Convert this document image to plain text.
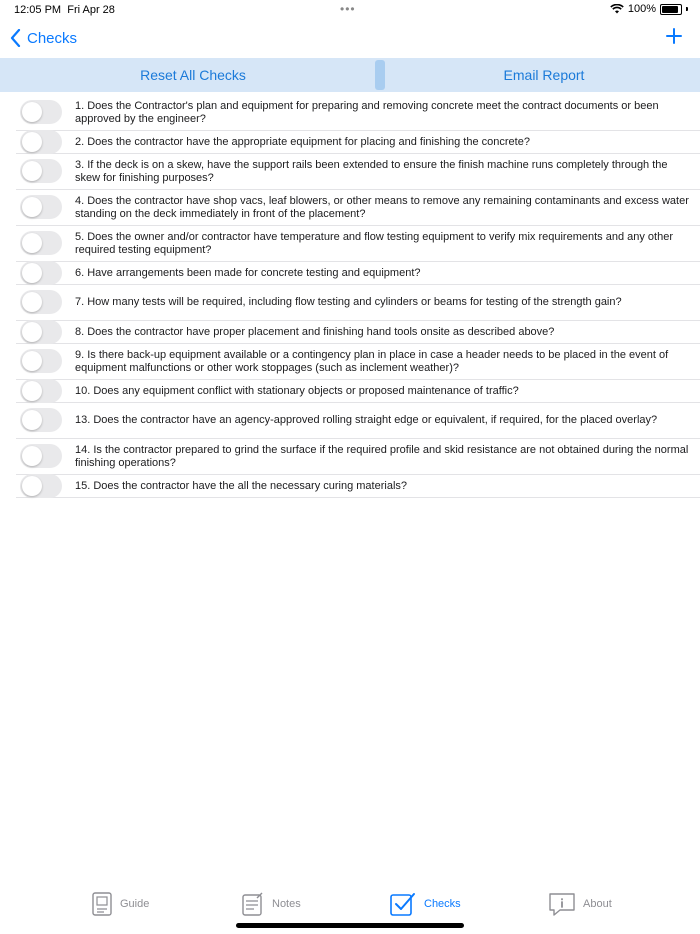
12:05 PM Fri Apr 28	•••	100%
Checks
Reset All Checks	Email Report
1. Does the Contractor's plan and equipment for preparing and removing concrete meet the contract documents or been approved by the engineer?
2. Does the contractor have the appropriate equipment for placing and finishing the concrete?
3. If the deck is on a skew, have the support rails been extended to ensure the finish machine runs completely through the skew for finishing purposes?
4. Does the contractor have shop vacs, leaf blowers, or other means to remove any remaining contaminants and excess water standing on the deck immediately in front of the placement?
5. Does the owner and/or contractor have temperature and flow testing equipment to verify mix requirements and any other required testing equipment?
6. Have arrangements been made for concrete testing and equipment?
7. How many tests will be required, including flow testing and cylinders or beams for testing of the strength gain?
8. Does the contractor have proper placement and finishing hand tools onsite as described above?
9. Is there back-up equipment available or a contingency plan in place in case a header needs to be placed in the event of equipment malfunctions or other work stoppages (such as inclement weather)?
10. Does any equipment conflict with stationary objects or proposed maintenance of traffic?
13. Does the contractor have an agency-approved rolling straight edge or equivalent, if required, for the placed overlay?
14. Is the contractor prepared to grind the surface if the required profile and skid resistance are not obtained during the normal finishing operations?
15. Does the contractor have the all the necessary curing materials?
Guide	Notes	Checks	About
